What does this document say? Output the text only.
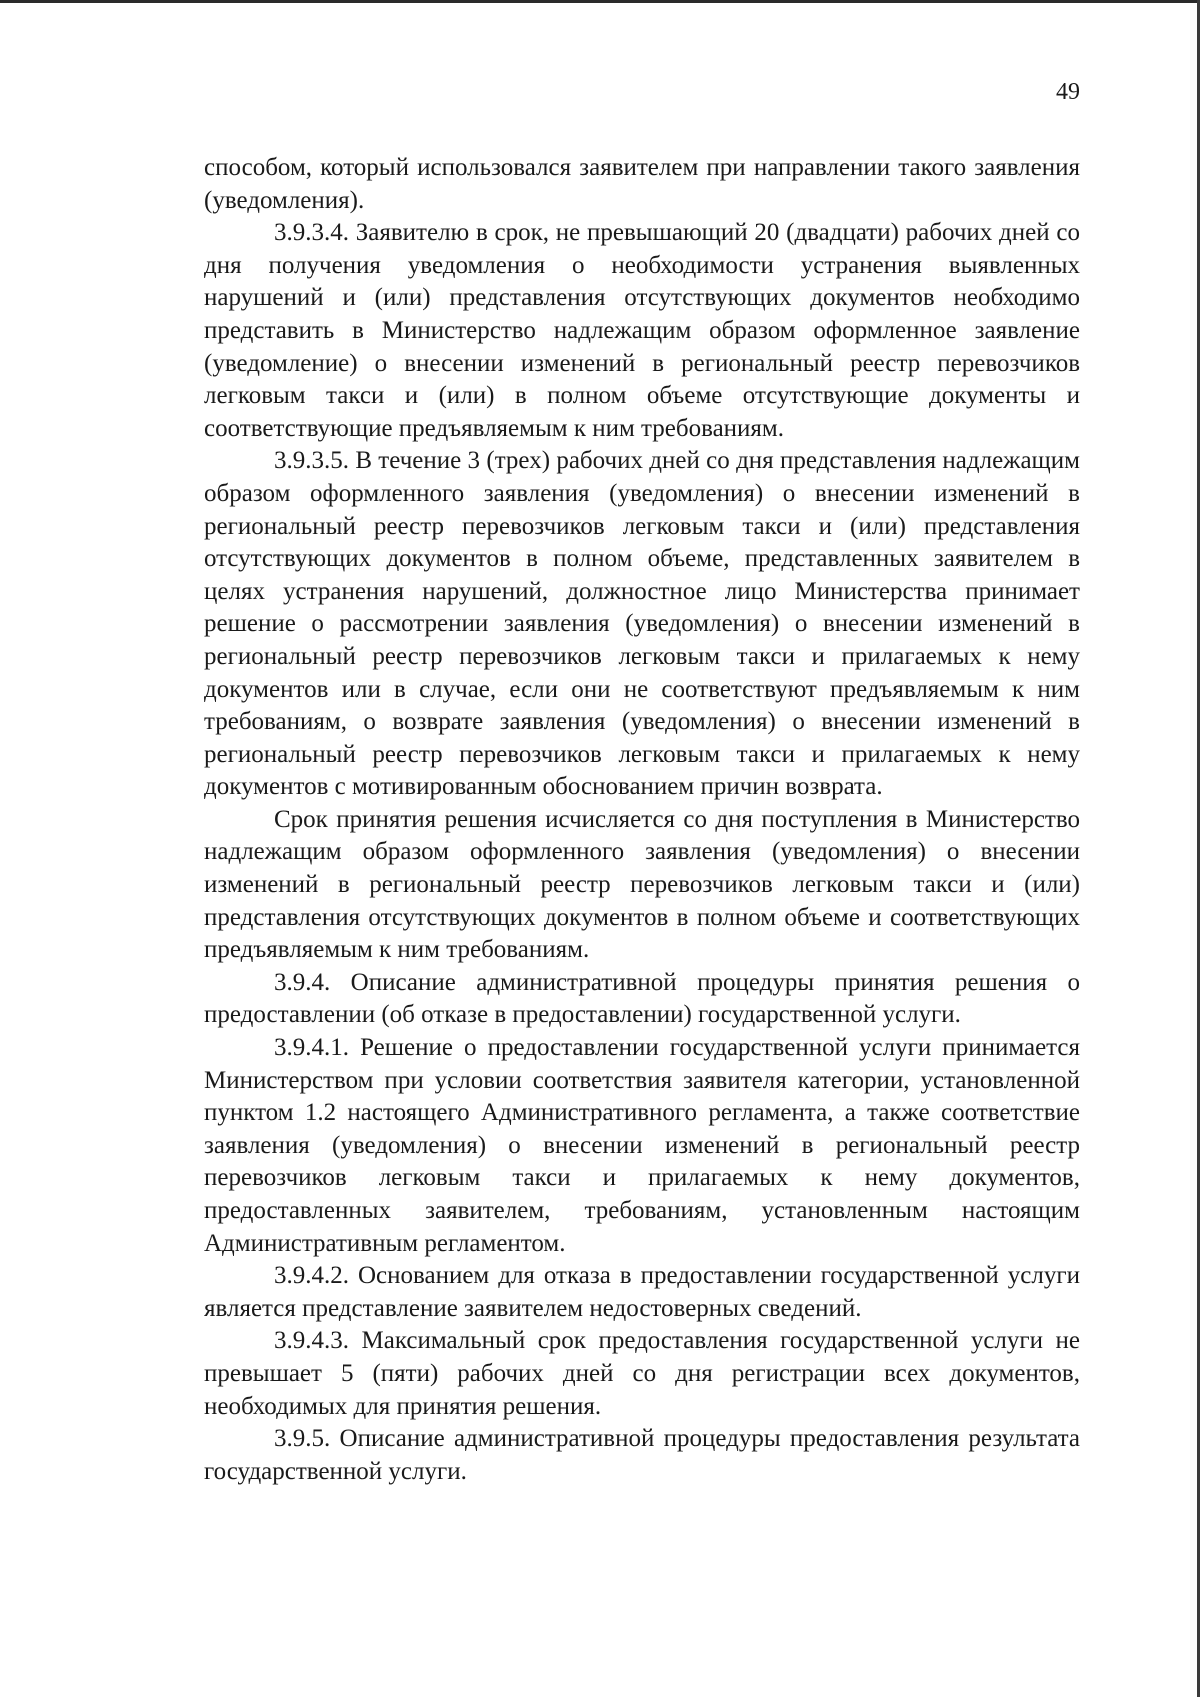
49

способом, который использовался заявителем при направлении такого заявления (уведомления).

3.9.3.4. Заявителю в срок, не превышающий 20 (двадцати) рабочих дней со дня получения уведомления о необходимости устранения выявленных нарушений и (или) представления отсутствующих документов необходимо представить в Министерство надлежащим образом оформленное заявление (уведомление) о внесении изменений в региональный реестр перевозчиков легковым такси и (или) в полном объеме отсутствующие документы и соответствующие предъявляемым к ним требованиям.

3.9.3.5. В течение 3 (трех) рабочих дней со дня представления надлежащим образом оформленного заявления (уведомления) о внесении изменений в региональный реестр перевозчиков легковым такси и (или) представления отсутствующих документов в полном объеме, представленных заявителем в целях устранения нарушений, должностное лицо Министерства принимает решение о рассмотрении заявления (уведомления) о внесении изменений в региональный реестр перевозчиков легковым такси и прилагаемых к нему документов или в случае, если они не соответствуют предъявляемым к ним требованиям, о возврате заявления (уведомления) о внесении изменений в региональный реестр перевозчиков легковым такси и прилагаемых к нему документов с мотивированным обоснованием причин возврата.

Срок принятия решения исчисляется со дня поступления в Министерство надлежащим образом оформленного заявления (уведомления) о внесении изменений в региональный реестр перевозчиков легковым такси и (или) представления отсутствующих документов в полном объеме и соответствующих предъявляемым к ним требованиям.

3.9.4. Описание административной процедуры принятия решения о предоставлении (об отказе в предоставлении) государственной услуги.

3.9.4.1. Решение о предоставлении государственной услуги принимается Министерством при условии соответствия заявителя категории, установленной пунктом 1.2 настоящего Административного регламента, а также соответствие заявления (уведомления) о внесении изменений в региональный реестр перевозчиков легковым такси и прилагаемых к нему документов, предоставленных заявителем, требованиям, установленным настоящим Административным регламентом.

3.9.4.2. Основанием для отказа в предоставлении государственной услуги является представление заявителем недостоверных сведений.

3.9.4.3. Максимальный срок предоставления государственной услуги не превышает 5 (пяти) рабочих дней со дня регистрации всех документов, необходимых для принятия решения.

3.9.5. Описание административной процедуры предоставления результата государственной услуги.
